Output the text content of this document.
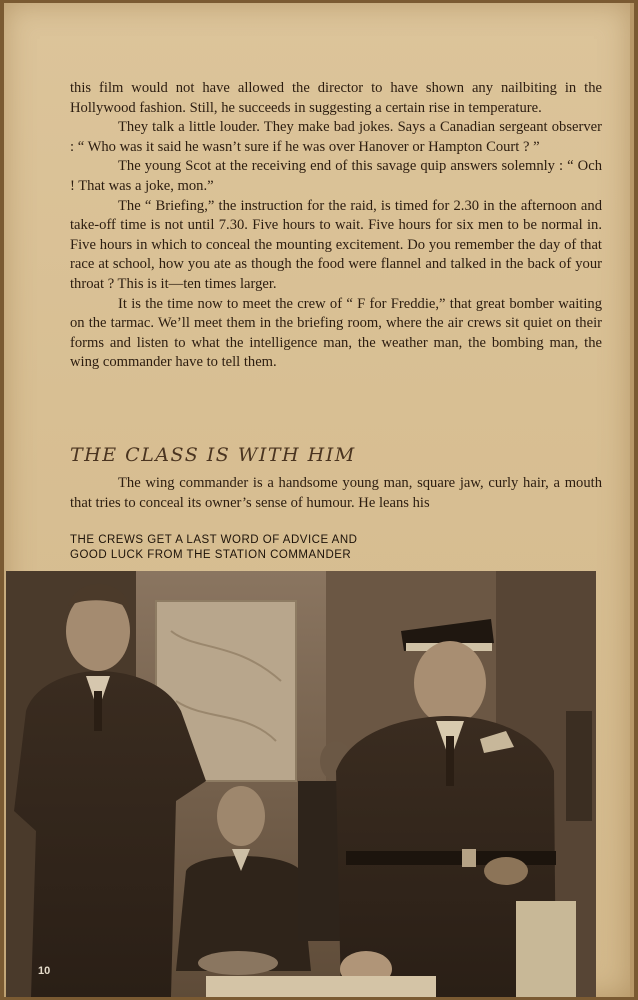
this film would not have allowed the director to have shown any nailbiting in the Hollywood fashion. Still, he succeeds in suggesting a certain rise in temperature.

They talk a little louder. They make bad jokes. Says a Canadian sergeant observer : “ Who was it said he wasn’t sure if he was over Hanover or Hampton Court ? ”

The young Scot at the receiving end of this savage quip answers solemnly : “ Och ! That was a joke, mon.”

The “ Briefing,” the instruction for the raid, is timed for 2.30 in the afternoon and take-off time is not until 7.30. Five hours to wait. Five hours for six men to be normal in. Five hours in which to conceal the mounting excitement. Do you remember the day of that race at school, how you ate as though the food were flannel and talked in the back of your throat ? This is it—ten times larger.

It is the time now to meet the crew of “ F for Freddie,” that great bomber waiting on the tarmac. We’ll meet them in the briefing room, where the air crews sit quiet on their forms and listen to what the intelligence man, the weather man, the bombing man, the wing commander have to tell them.

THE CLASS IS WITH HIM

The wing commander is a handsome young man, square jaw, curly hair, a mouth that tries to conceal its owner’s sense of humour. He leans his

THE CREWS GET A LAST WORD OF ADVICE AND
GOOD LUCK FROM THE STATION COMMANDER
10
